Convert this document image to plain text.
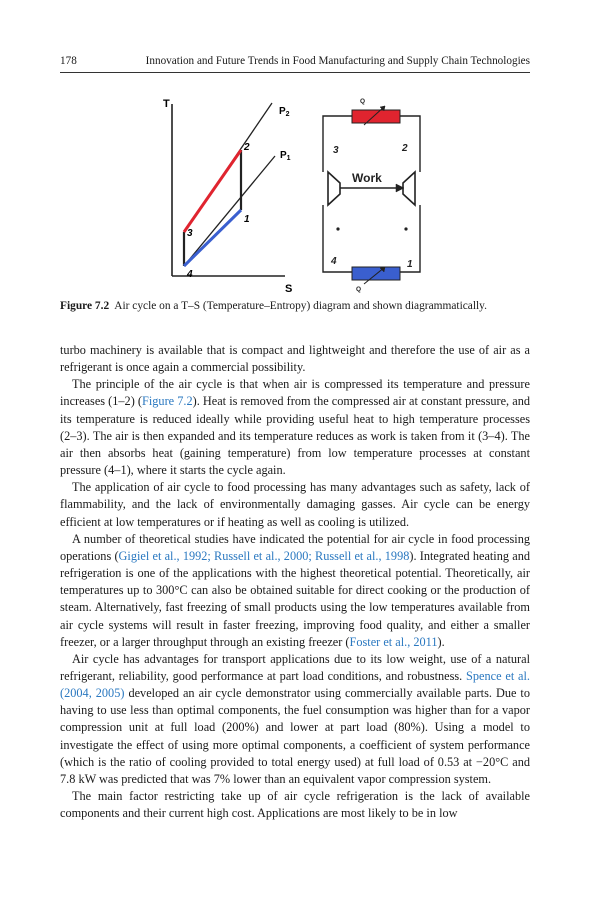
178	Innovation and Future Trends in Food Manufacturing and Supply Chain Technologies
T
S
$P_2$
$P_1$
1
2
3
4
Q
Q
Work
1
2
3
4
Figure 7.2 Air cycle on a T–S (Temperature–Entropy) diagram and shown diagrammatically.

turbo machinery is available that is compact and lightweight and therefore the use of air as a refrigerant is once again a commercial possibility.

The principle of the air cycle is that when air is compressed its temperature and pressure increases (1–2) (Figure 7.2). Heat is removed from the compressed air at constant pressure, and its temperature is reduced ideally while providing useful heat to high temperature processes (2–3). The air is then expanded and its temperature reduces as work is taken from it (3–4). The air then absorbs heat (gaining temperature) from low temperature processes at constant pressure (4–1), where it starts the cycle again.

The application of air cycle to food processing has many advantages such as safety, lack of flammability, and the lack of environmentally damaging gasses. Air cycle can be energy efficient at low temperatures or if heating as well as cooling is utilized.

A number of theoretical studies have indicated the potential for air cycle in food processing operations (Gigiel et al., 1992; Russell et al., 2000; Russell et al., 1998). Integrated heating and refrigeration is one of the applications with the highest theoretical potential. Theoretically, air temperatures up to 300°C can also be obtained suitable for direct cooking or the production of steam. Alternatively, fast freezing of small products using the low temperatures available from air cycle systems will result in faster freezing, improving food quality, and either a smaller freezer, or a larger throughput through an existing freezer (Foster et al., 2011).

Air cycle has advantages for transport applications due to its low weight, use of a natural refrigerant, reliability, good performance at part load conditions, and robustness. Spence et al. (2004, 2005) developed an air cycle demonstrator using commercially available parts. Due to having to use less than optimal components, the fuel consumption was higher than for a vapor compression unit at full load (200%) and lower at part load (80%). Using a model to investigate the effect of using more optimal components, a coefficient of system performance (which is the ratio of cooling provided to total energy used) at full load of 0.53 at −20°C and 7.8 kW was predicted that was 7% lower than an equivalent vapor compression system.

The main factor restricting take up of air cycle refrigeration is the lack of available components and their current high cost. Applications are most likely to be in low
